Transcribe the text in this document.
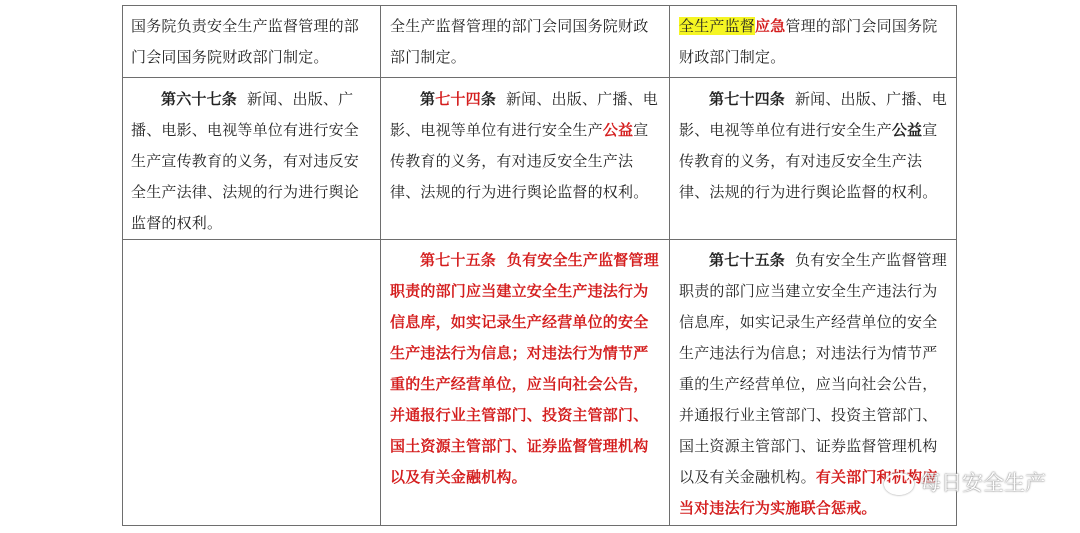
国务院负责安全生产监督管理的部门会同国务院财政部门制定。
全生产监督管理的部门会同国务院财政部门制定。
全生产监督应急管理的部门会同国务院财政部门制定。
第六十七条 新闻、出版、广播、电影、电视等单位有进行安全生产宣传教育的义务，有对违反安全生产法律、法规的行为进行舆论监督的权利。
第七十四条 新闻、出版、广播、电影、电视等单位有进行安全生产公益宣传教育的义务，有对违反安全生产法律、法规的行为进行舆论监督的权利。
第七十四条 新闻、出版、广播、电影、电视等单位有进行安全生产公益宣传教育的义务，有对违反安全生产法律、法规的行为进行舆论监督的权利。
第七十五条 负有安全生产监督管理职责的部门应当建立安全生产违法行为信息库，如实记录生产经营单位的安全生产违法行为信息；对违法行为情节严重的生产经营单位，应当向社会公告，并通报行业主管部门、投资主管部门、国土资源主管部门、证券监督管理机构以及有关金融机构。
第七十五条 负有安全生产监督管理职责的部门应当建立安全生产违法行为信息库，如实记录生产经营单位的安全生产违法行为信息；对违法行为情节严重的生产经营单位，应当向社会公告，并通报行业主管部门、投资主管部门、国土资源主管部门、证券监督管理机构以及有关金融机构。有关部门和机构应当对违法行为实施联合惩戒。
每日安全生产
